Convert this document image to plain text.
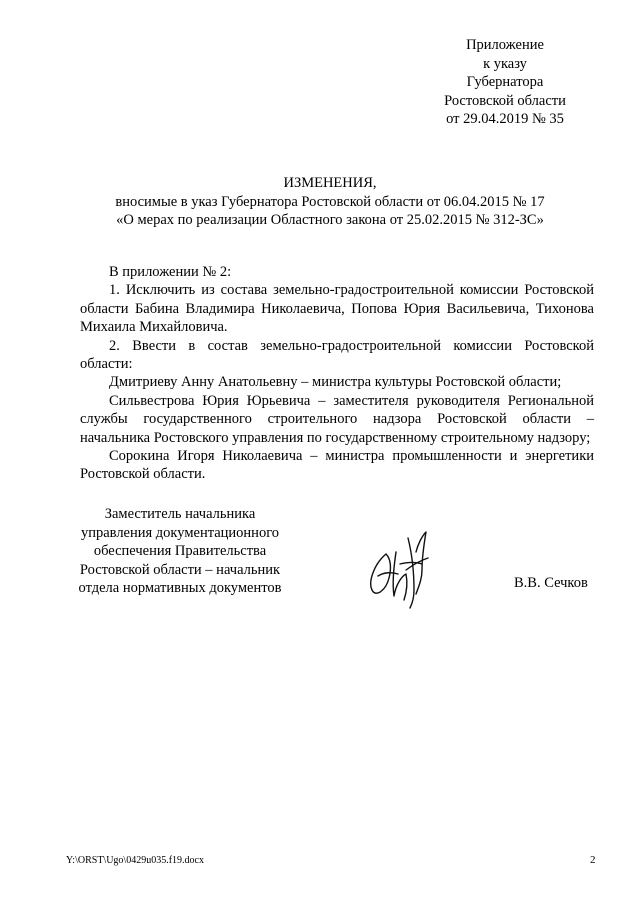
Приложение
к указу
Губернатора
Ростовской области
от 29.04.2019 № 35
ИЗМЕНЕНИЯ,
вносимые в указ Губернатора Ростовской области от 06.04.2015 № 17
«О мерах по реализации Областного закона от 25.02.2015 № 312-ЗС»

В приложении № 2:

1. Исключить из состава земельно-градостроительной комиссии Ростовской области Бабина Владимира Николаевича, Попова Юрия Васильевича, Тихонова Михаила Михайловича.

2. Ввести в состав земельно-градостроительной комиссии Ростовской области:

Дмитриеву Анну Анатольевну – министра культуры Ростовской области;

Сильвестрова Юрия Юрьевича – заместителя руководителя Региональной службы государственного строительного надзора Ростовской области – начальника Ростовского управления по государственному строительному надзору;

Сорокина Игоря Николаевича – министра промышленности и энергетики Ростовской области.

Заместитель начальника
управления документационного
обеспечения Правительства
Ростовской области – начальник
отдела нормативных документов	В.В. Сечков
Y:\ORST\Ugo\0429u035.f19.docx	2
